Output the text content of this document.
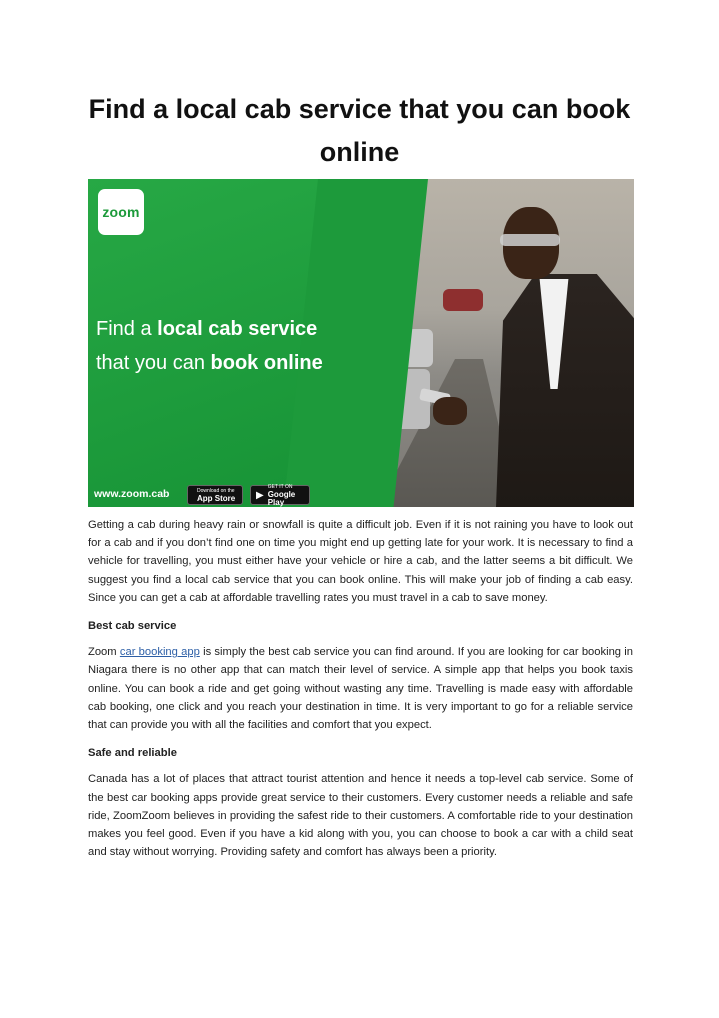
Find a local cab service that you can book online
zoom
Find a local cab service
that you can book online
www.zoom.cab	Download on the
App Store ▶
GET IT ON
Google Play

Getting a cab during heavy rain or snowfall is quite a difficult job. Even if it is not raining you have to look out for a cab and if you don’t find one on time you might end up getting late for your work. It is necessary to find a vehicle for travelling, you must either have your vehicle or hire a cab, and the latter seems a bit difficult. We suggest you find a local cab service that you can book online. This will make your job of finding a cab easy. Since you can get a cab at affordable travelling rates you must travel in a cab to save money.

Best cab service

Zoom car booking app is simply the best cab service you can find around. If you are looking for car booking in Niagara there is no other app that can match their level of service. A simple app that helps you book taxis online. You can book a ride and get going without wasting any time. Travelling is made easy with affordable cab booking, one click and you reach your destination in time. It is very important to go for a reliable service that can provide you with all the facilities and comfort that you expect.

Safe and reliable

Canada has a lot of places that attract tourist attention and hence it needs a top-level cab service. Some of the best car booking apps provide great service to their customers. Every customer needs a reliable and safe ride, ZoomZoom believes in providing the safest ride to their customers. A comfortable ride to your destination makes you feel good. Even if you have a kid along with you, you can choose to book a car with a child seat and stay without worrying. Providing safety and comfort has always been a priority.
